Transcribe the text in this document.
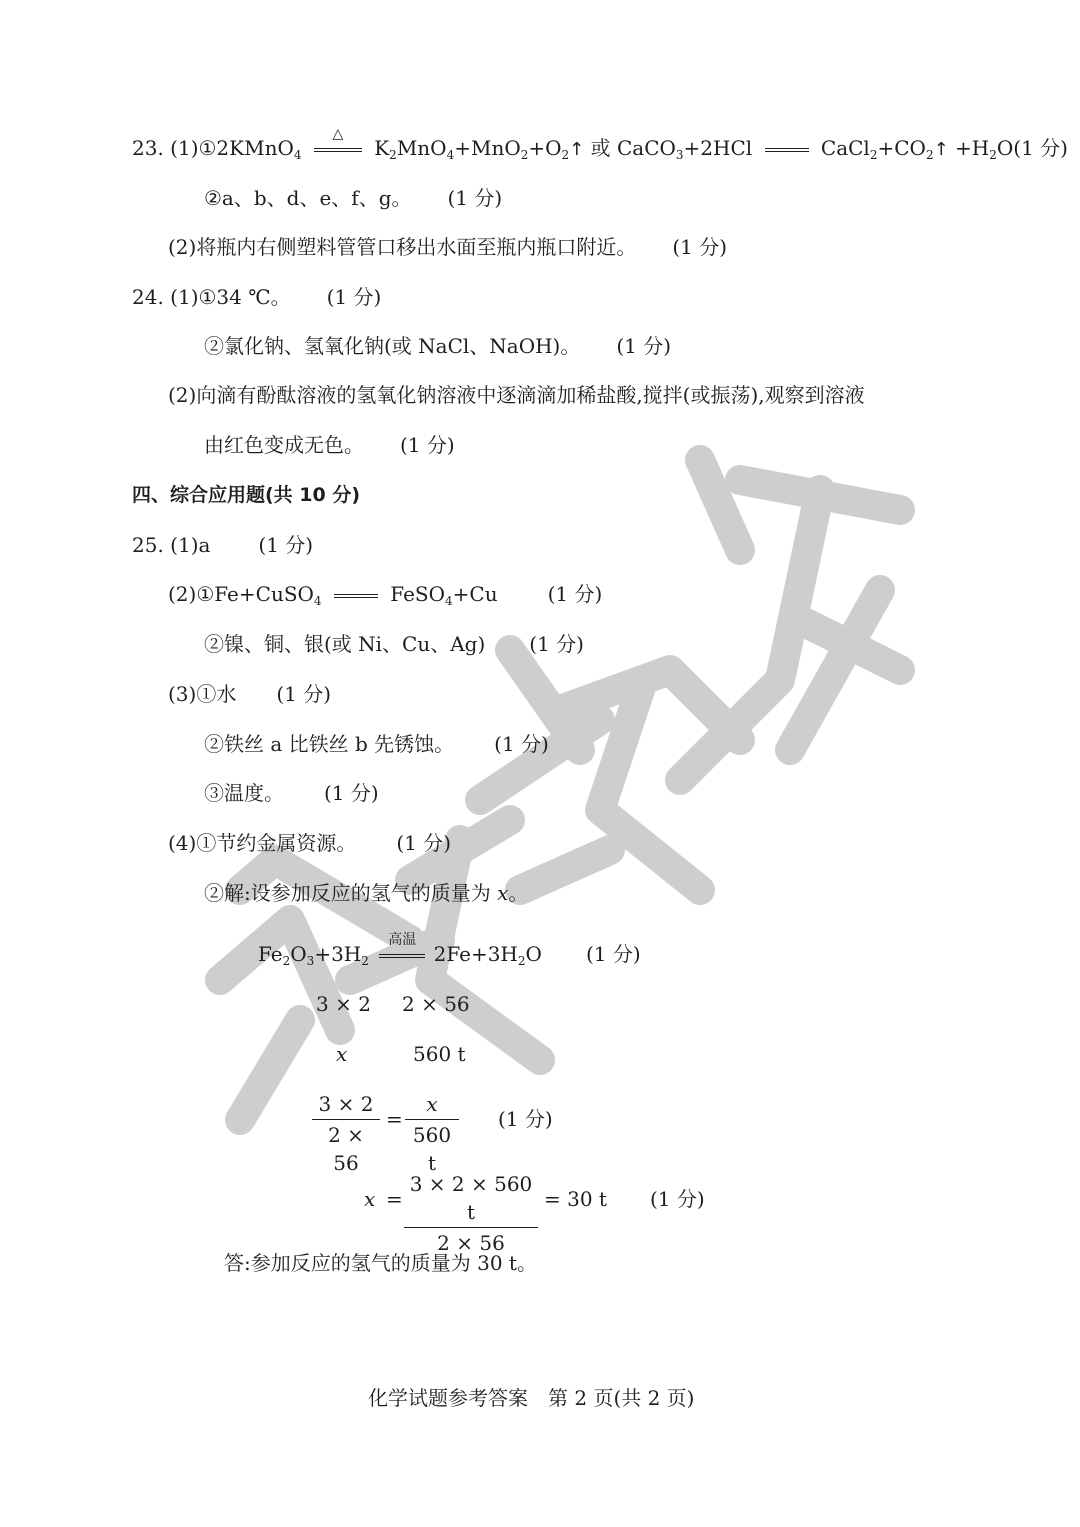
23. (1)①2KMnO$_4$
△
$K_2MnO_4+MnO_2+O_2↑$ 或 CaCO$_3$+2HCl	$CaCl_2+CO_2↑ +H_2O(1$ 分)
②a、b、d、e、f、g。 (1 分)
(2)将瓶内右侧塑料管管口移出水面至瓶内瓶口附近。 (1 分)
24. (1)①34 ℃。 (1 分)
②氯化钠、氢氧化钠(或 NaCl、NaOH)。 (1 分)
(2)向滴有酚酞溶液的氢氧化钠溶液中逐滴滴加稀盐酸,搅拌(或振荡),观察到溶液
由红色变成无色。 (1 分)
四、综合应用题(共 10 分)
25. (1)a (1 分)
(2)①Fe+CuSO$_4$	FeSO$_4$+Cu	(1 分)
②镍、铜、银(或 Ni、Cu、Ag) (1 分)
(3)①水 (1 分)
②铁丝 a 比铁丝 b 先锈蚀。 (1 分)
③温度。 (1 分)
(4)①节约金属资源。 (1 分)
②解:设参加反应的氢气的质量为 x。
$Fe_2O_3+3H_2$
高温
$2Fe+3H_2O$ (1 分)
3 × 2 2 × 56
x	560 t
3 × 2
2 × 56
=
x
560 t
(1 分)
x =
3 × 2 × 560 t
2 × 56
= 30 t (1 分)
答:参加反应的氢气的质量为 30 t。
化学试题参考答案　第 2 页(共 2 页)
